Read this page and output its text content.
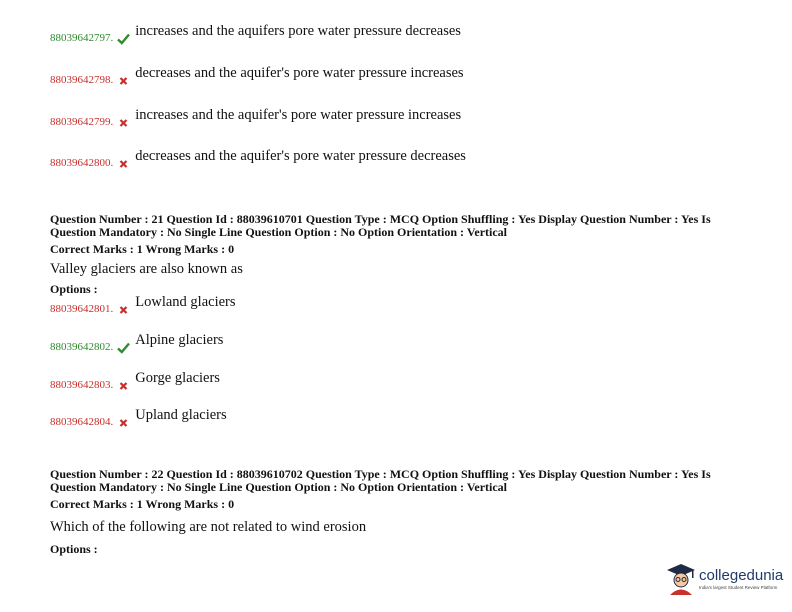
88039642797. increases and the aquifers pore water pressure decreases
88039642798. decreases and the aquifer's pore water pressure increases
88039642799. increases and the aquifer's pore water pressure increases
88039642800. decreases and the aquifer's pore water pressure decreases
Question Number : 21 Question Id : 88039610701 Question Type : MCQ Option Shuffling : Yes Display Question Number : Yes Is
Question Mandatory : No Single Line Question Option : No Option Orientation : Vertical
Correct Marks : 1 Wrong Marks : 0
Valley glaciers are also known as
Options :
88039642801. Lowland glaciers
88039642802. Alpine glaciers
88039642803. Gorge glaciers
88039642804. Upland glaciers
Question Number : 22 Question Id : 88039610702 Question Type : MCQ Option Shuffling : Yes Display Question Number : Yes Is
Question Mandatory : No Single Line Question Option : No Option Orientation : Vertical
Correct Marks : 1 Wrong Marks : 0
Which of the following are not related to wind erosion
Options :
collegedunia
India's largest Student Review Platform
